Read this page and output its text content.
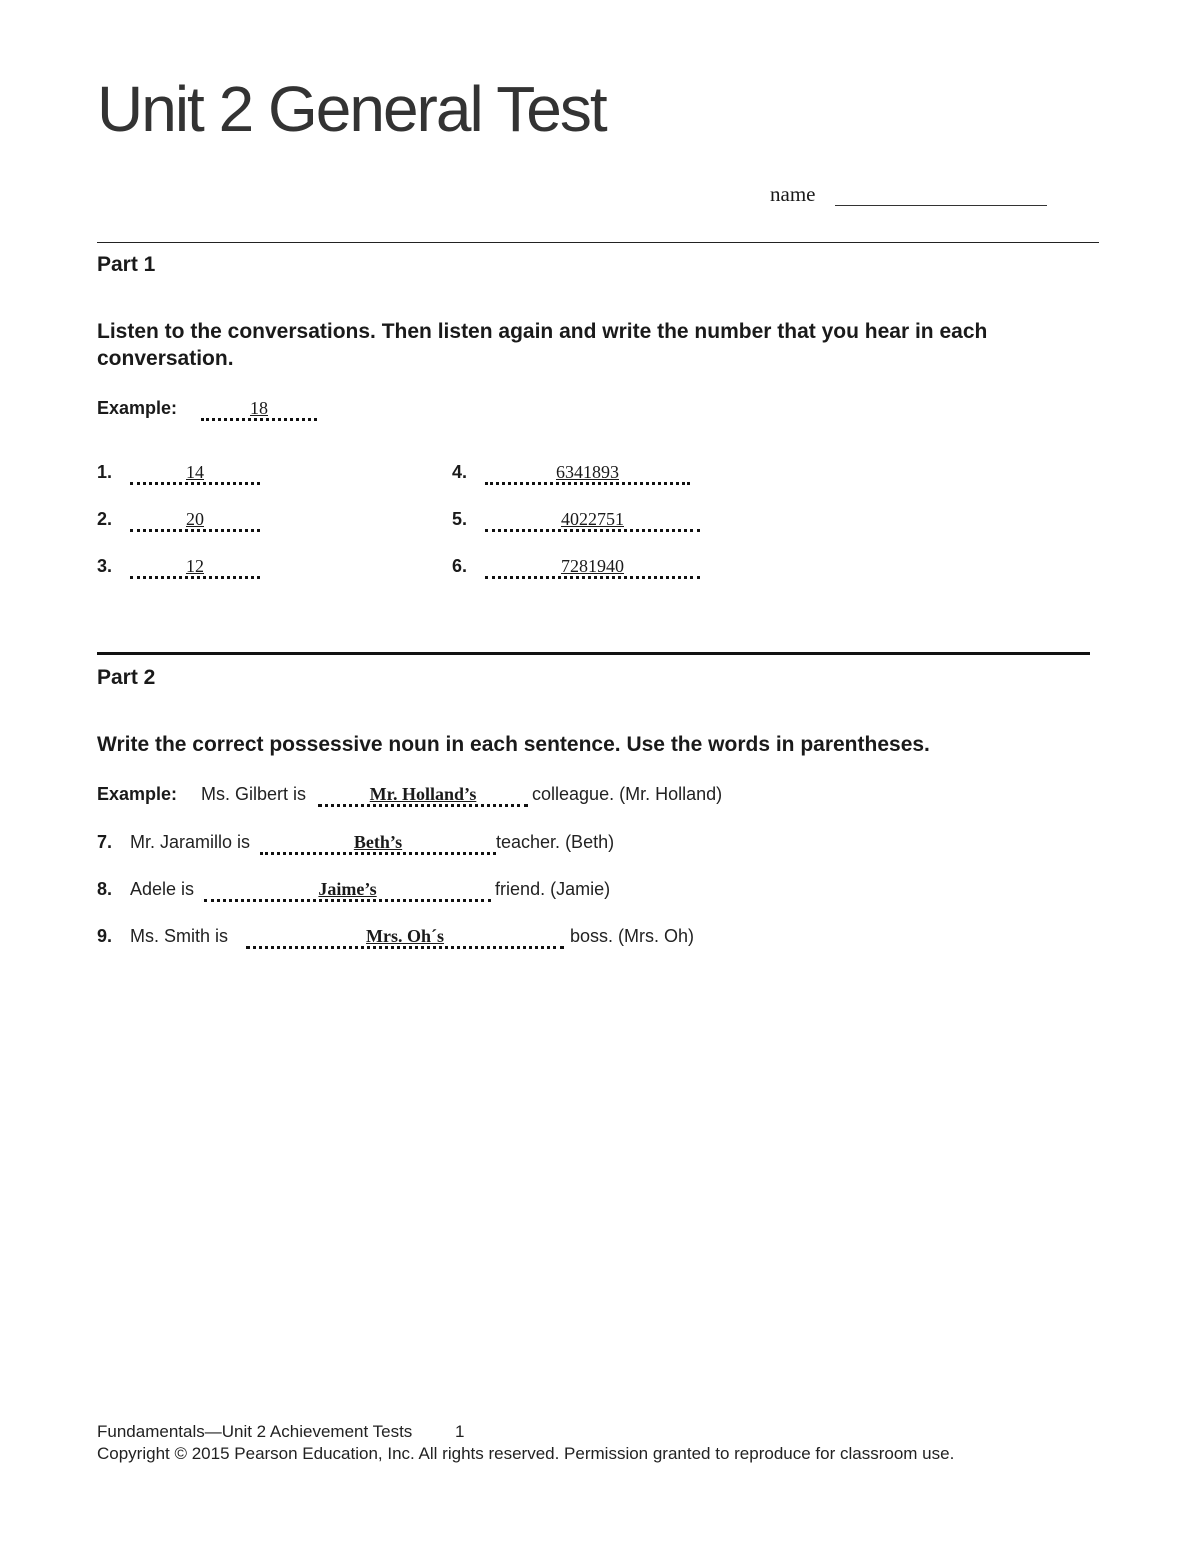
Unit 2 General Test
name
Part 1
Listen to the conversations. Then listen again and write the number that you hear in each conversation.
Example:	18
1.	14
2.	20
3.	12
4.	6341893
5.	4022751
6.	7281940
Part 2
Write the correct possessive noun in each sentence. Use the words in parentheses.
Example:	Ms. Gilbert is	Mr. Holland’s	colleague. (Mr. Holland)
7. Mr. Jaramillo is	Beth’s	teacher. (Beth)
8. Adele is	Jaime’s	friend. (Jamie)
9. Ms. Smith is	Mrs. Oh´s	boss. (Mrs. Oh)
Fundamentals—Unit 2 Achievement Tests	1
Copyright © 2015 Pearson Education, Inc. All rights reserved. Permission granted to reproduce for classroom use.
